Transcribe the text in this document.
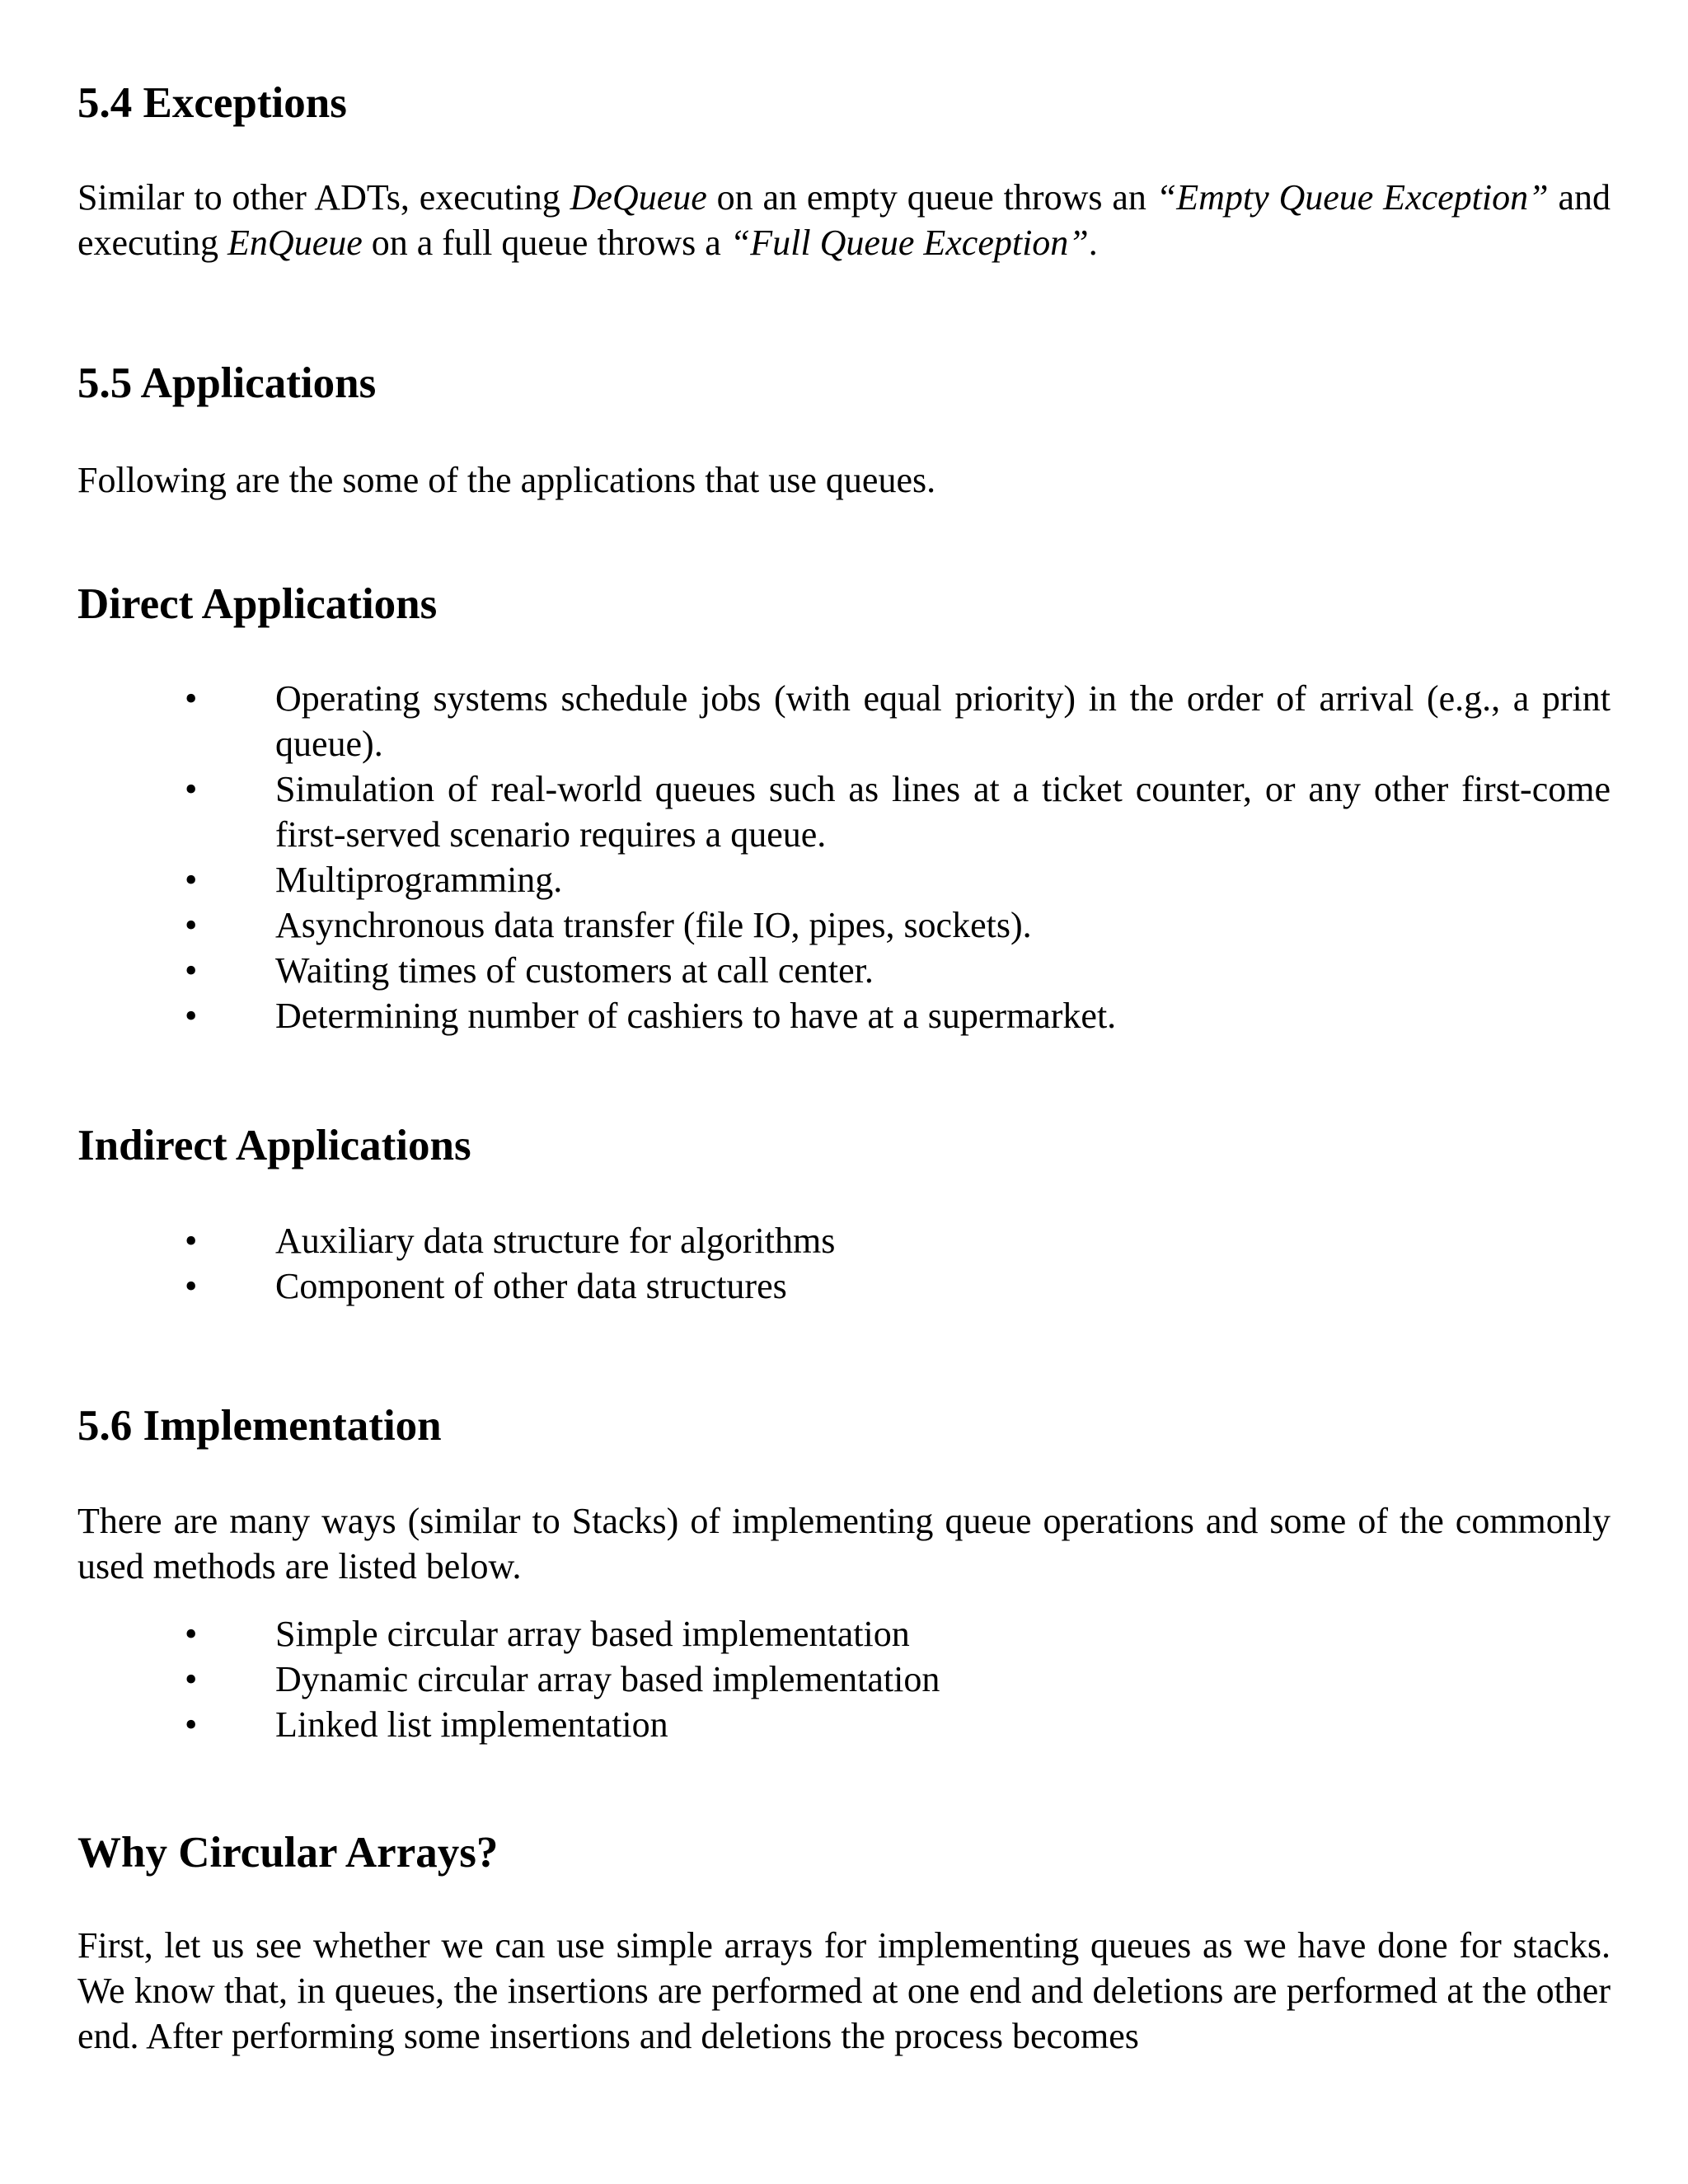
5.4 Exceptions
Similar to other ADTs, executing DeQueue on an empty queue throws an “Empty Queue Exception” and executing EnQueue on a full queue throws a “Full Queue Exception”.
5.5 Applications
Following are the some of the applications that use queues.
Direct Applications
• Operating systems schedule jobs (with equal priority) in the order of arrival (e.g., a print queue).
• Simulation of real-world queues such as lines at a ticket counter, or any other first-come first-served scenario requires a queue.
• Multiprogramming.
• Asynchronous data transfer (file IO, pipes, sockets).
• Waiting times of customers at call center.
• Determining number of cashiers to have at a supermarket.
Indirect Applications
• Auxiliary data structure for algorithms
• Component of other data structures
5.6 Implementation
There are many ways (similar to Stacks) of implementing queue operations and some of the commonly used methods are listed below.
• Simple circular array based implementation
• Dynamic circular array based implementation
• Linked list implementation
Why Circular Arrays?
First, let us see whether we can use simple arrays for implementing queues as we have done for stacks. We know that, in queues, the insertions are performed at one end and deletions are performed at the other end. After performing some insertions and deletions the process becomes
